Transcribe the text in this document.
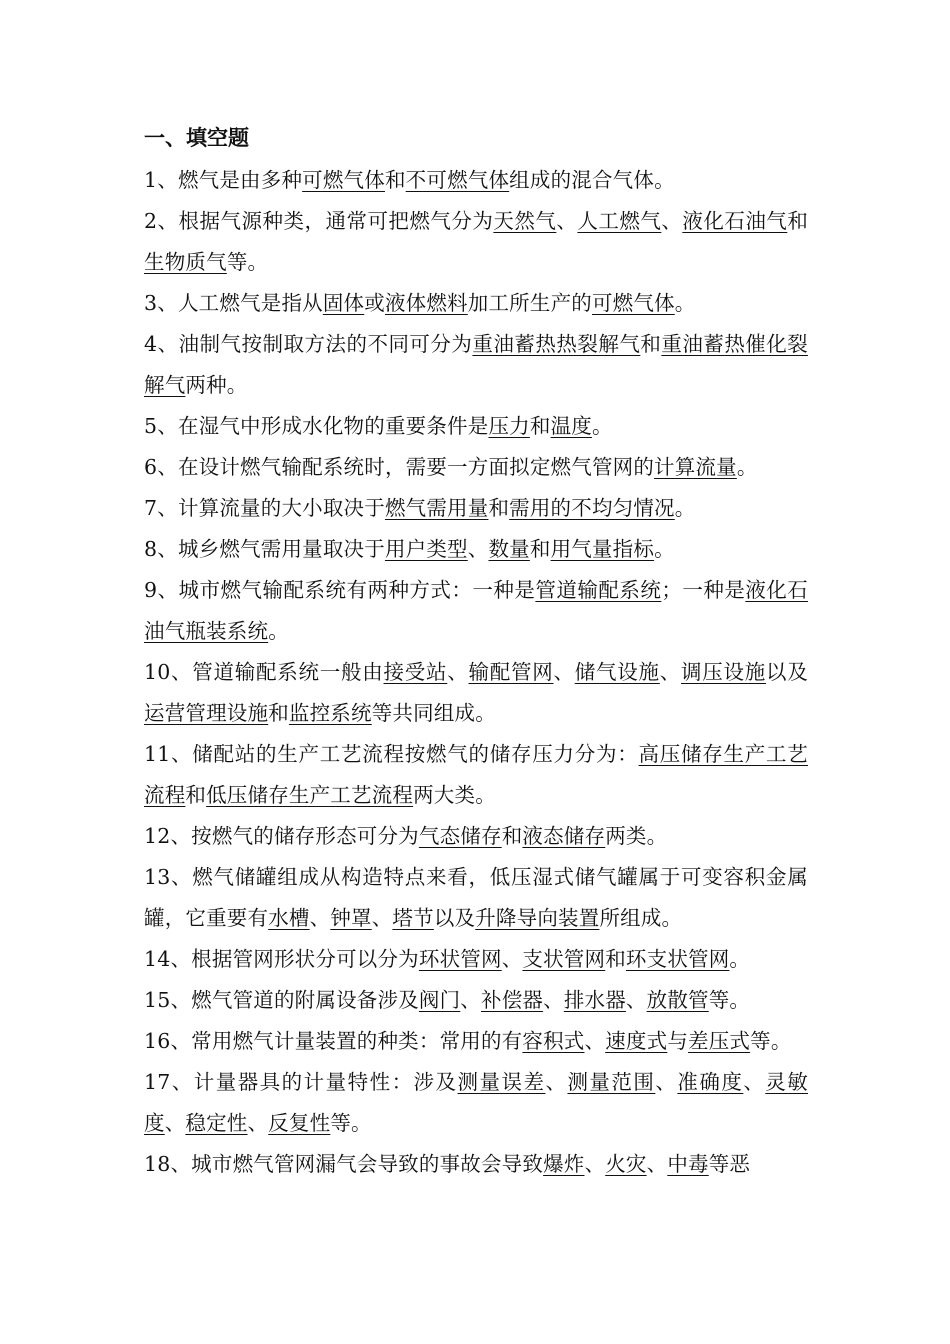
一、填空题

1、燃气是由多种可燃气体和不可燃气体组成的混合气体。

2、根据气源种类，通常可把燃气分为天然气、人工燃气、液化石油气和生物质气等。

3、人工燃气是指从固体或液体燃料加工所生产的可燃气体。

4、油制气按制取方法的不同可分为重油蓄热热裂解气和重油蓄热催化裂解气两种。

5、在湿气中形成水化物的重要条件是压力和温度。

6、在设计燃气输配系统时，需要一方面拟定燃气管网的计算流量。

7、计算流量的大小取决于燃气需用量和需用的不均匀情况。

8、城乡燃气需用量取决于用户类型、数量和用气量指标。

9、城市燃气输配系统有两种方式：一种是管道输配系统；一种是液化石油气瓶装系统。

10、管道输配系统一般由接受站、输配管网、储气设施、调压设施以及运营管理设施和监控系统等共同组成。

11、储配站的生产工艺流程按燃气的储存压力分为：高压储存生产工艺流程和低压储存生产工艺流程两大类。

12、按燃气的储存形态可分为气态储存和液态储存两类。

13、燃气储罐组成从构造特点来看，低压湿式储气罐属于可变容积金属罐，它重要有水槽、钟罩、塔节以及升降导向装置所组成。

14、根据管网形状分可以分为环状管网、支状管网和环支状管网。

15、燃气管道的附属设备涉及阀门、补偿器、排水器、放散管等。

16、常用燃气计量装置的种类：常用的有容积式、速度式与差压式等。

17、计量器具的计量特性：涉及测量误差、测量范围、准确度、灵敏度、稳定性、反复性等。

18、城市燃气管网漏气会导致的事故会导致爆炸、火灾、中毒等恶
